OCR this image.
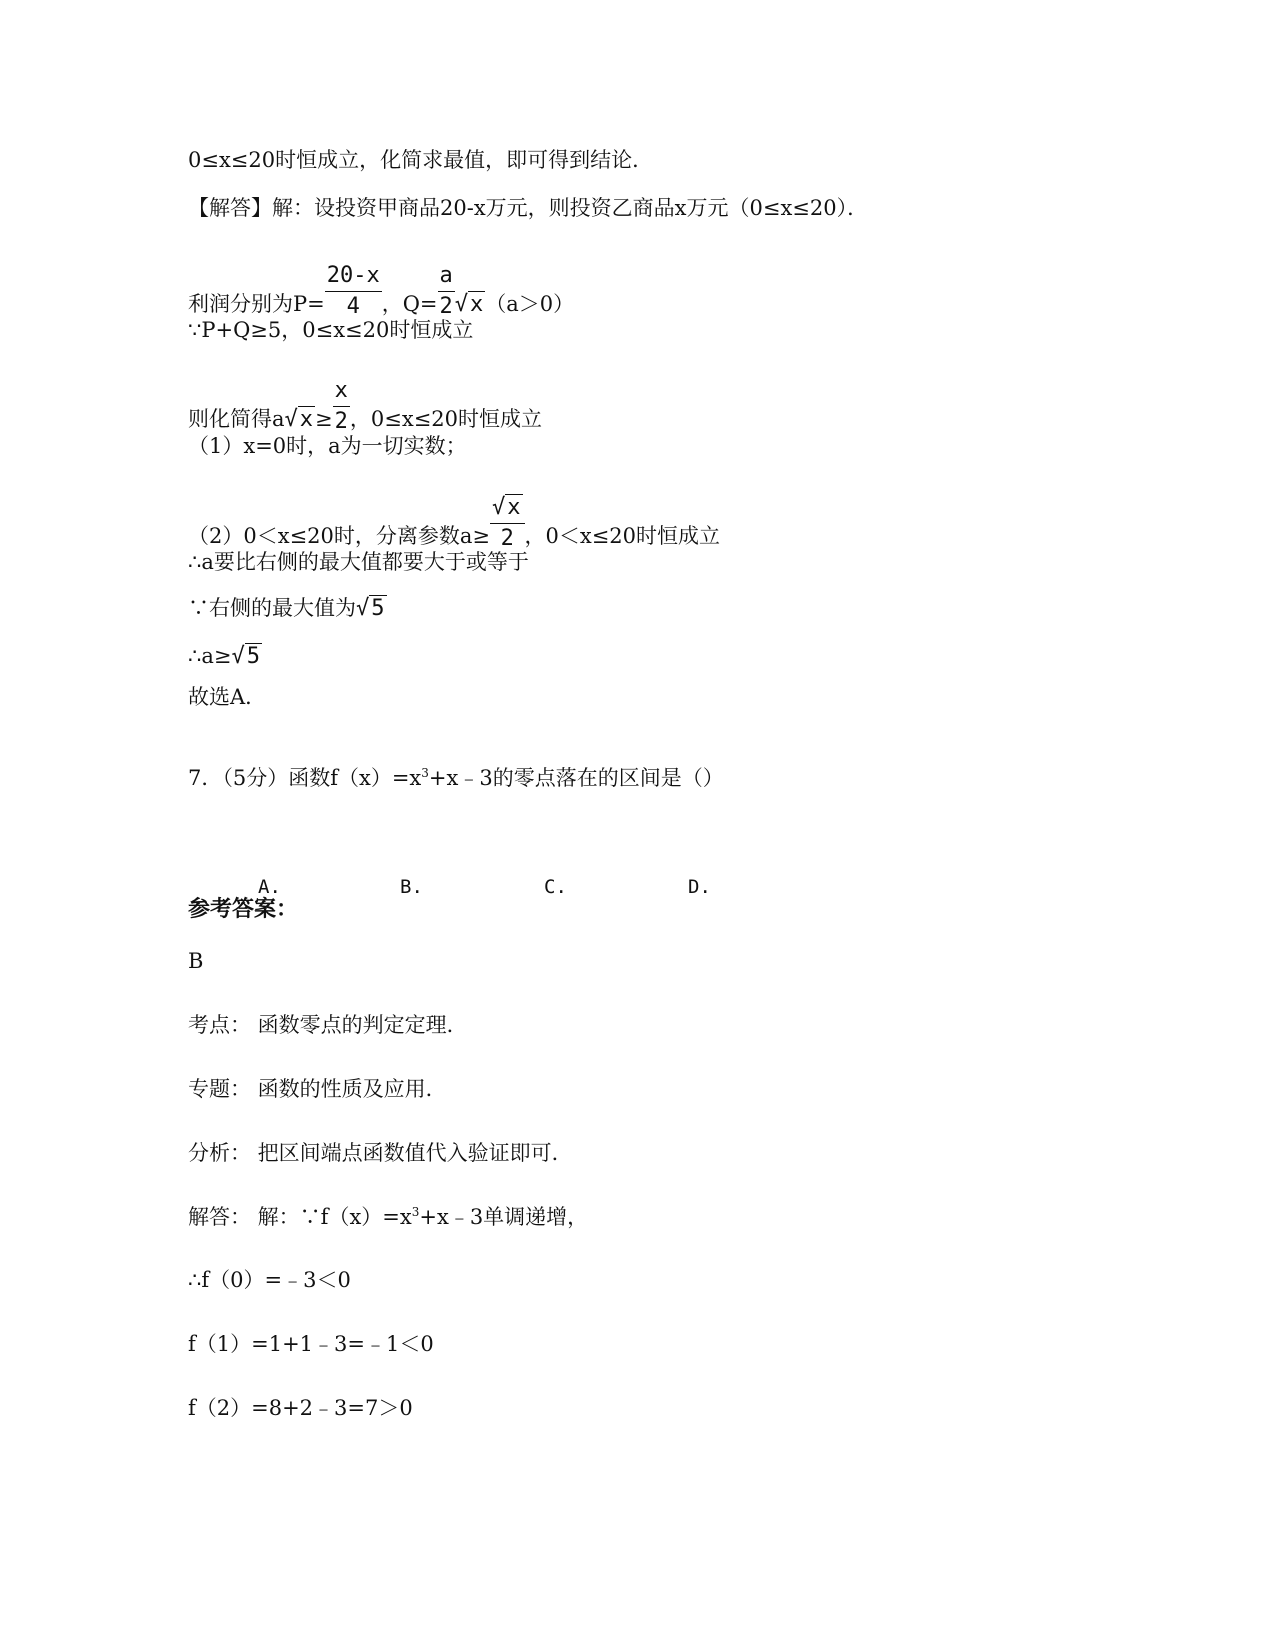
0≤x≤20时恒成立，化简求最值，即可得到结论．
【解答】解：设投资甲商品20-x万元，则投资乙商品x万元（0≤x≤20）．
利润分别为$P= \frac{20-x}{4}$ ，$Q= \frac{a}{2} √x(a>0)$
∵P+Q≥5，0≤x≤20时恒成立
则化简得$a√x\ge \frac{x}{2}$ ，0≤x≤20时恒成立
（1）x=0时，a为一切实数；
（2）0＜x≤20时，分离参数$a\ge \frac{√x}{2}$ ，0＜x≤20时恒成立
∴a要比右侧的最大值都要大于或等于
∵右侧的最大值为√5
∴a≥√5
故选A．
7．（5分）函数$f(x)=x^3+x﹣3$的零点落在的区间是（）
A.	B.	C.	D.
参考答案：
B
考点： 函数零点的判定定理．
专题： 函数的性质及应用．
分析： 把区间端点函数值代入验证即可．
解答： 解：$\because f(x)=x^3+x﹣3$单调递增，
∴f（0）=﹣3＜0
f（1）=1+1﹣3=﹣1＜0
f（2）=8+2﹣3=7＞0
